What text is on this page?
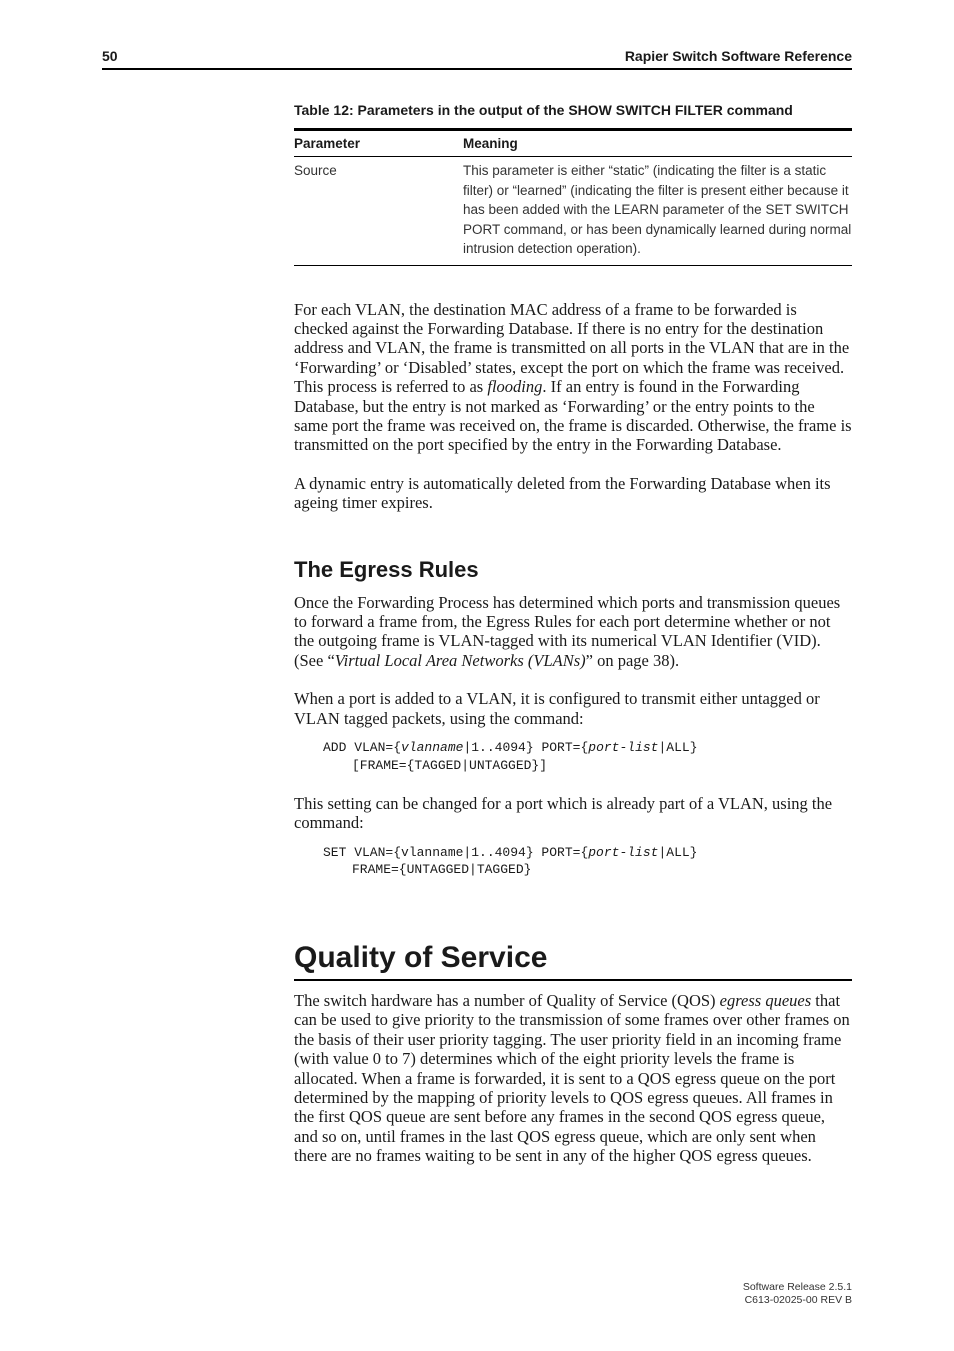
50	Rapier Switch Software Reference

Table 12: Parameters in the output of the SHOW SWITCH FILTER command

Parameter	Meaning
Source	This parameter is either “static” (indicating the filter is a static filter) or “learned” (indicating the filter is present either because it has been added with the LEARN parameter of the SET SWITCH PORT command, or has been dynamically learned during normal intrusion detection operation).

For each VLAN, the destination MAC address of a frame to be forwarded is checked against the Forwarding Database. If there is no entry for the destination address and VLAN, the frame is transmitted on all ports in the VLAN that are in the ‘Forwarding’ or ‘Disabled’ states, except the port on which the frame was received. This process is referred to as flooding. If an entry is found in the Forwarding Database, but the entry is not marked as ‘Forwarding’ or the entry points to the same port the frame was received on, the frame is discarded. Otherwise, the frame is transmitted on the port specified by the entry in the Forwarding Database.

A dynamic entry is automatically deleted from the Forwarding Database when its ageing timer expires.

The Egress Rules

Once the Forwarding Process has determined which ports and transmission queues to forward a frame from, the Egress Rules for each port determine whether or not the outgoing frame is VLAN-tagged with its numerical VLAN Identifier (VID). (See “Virtual Local Area Networks (VLANs)” on page 38).

When a port is added to a VLAN, it is configured to transmit either untagged or VLAN tagged packets, using the command:

ADD VLAN={vlanname|1..4094} PORT={port-list|ALL}
[FRAME={TAGGED|UNTAGGED}]

This setting can be changed for a port which is already part of a VLAN, using the command:

SET VLAN={vlanname|1..4094} PORT={port-list|ALL}
FRAME={UNTAGGED|TAGGED}
Quality of Service

The switch hardware has a number of Quality of Service (QOS) egress queues that can be used to give priority to the transmission of some frames over other frames on the basis of their user priority tagging. The user priority field in an incoming frame (with value 0 to 7) determines which of the eight priority levels the frame is allocated. When a frame is forwarded, it is sent to a QOS egress queue on the port determined by the mapping of priority levels to QOS egress queues. All frames in the first QOS queue are sent before any frames in the second QOS egress queue, and so on, until frames in the last QOS egress queue, which are only sent when there are no frames waiting to be sent in any of the higher QOS egress queues.

Software Release 2.5.1
C613-02025-00 REV B
